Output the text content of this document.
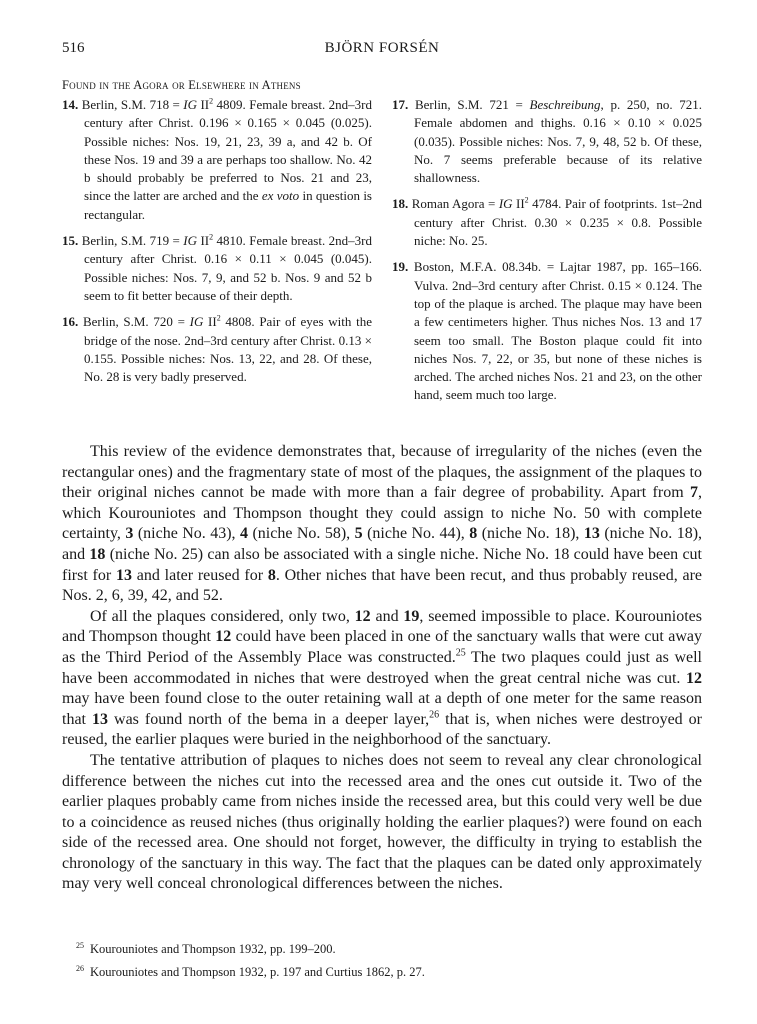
516	BJÖRN FORSÉN
Found in the Agora or Elsewhere in Athens

14. Berlin, S.M. 718 = IG $II^2$ 4809. Female breast. 2nd–3rd century after Christ. 0.196 × 0.165 × 0.045 (0.025). Possible niches: Nos. 19, 21, 23, 39 a, and 42 b. Of these Nos. 19 and 39 a are perhaps too shallow. No. 42 b should probably be preferred to Nos. 21 and 23, since the latter are arched and the ex voto in question is rectangular.

15. Berlin, S.M. 719 = IG $II^2$ 4810. Female breast. 2nd–3rd century after Christ. 0.16 × 0.11 × 0.045 (0.045). Possible niches: Nos. 7, 9, and 52 b. Nos. 9 and 52 b seem to fit better because of their depth.

16. Berlin, S.M. 720 = IG $II^2$ 4808. Pair of eyes with the bridge of the nose. 2nd–3rd century after Christ. 0.13 × 0.155. Possible niches: Nos. 13, 22, and 28. Of these, No. 28 is very badly preserved.

17. Berlin, S.M. 721 = Beschreibung, p. 250, no. 721. Female abdomen and thighs. 0.16 × 0.10 × 0.025 (0.035). Possible niches: Nos. 7, 9, 48, 52 b. Of these, No. 7 seems preferable because of its relative shallowness.

18. Roman Agora = IG $II^2$ 4784. Pair of footprints. 1st–2nd century after Christ. 0.30 × 0.235 × 0.8. Possible niche: No. 25.

19. Boston, M.F.A. 08.34b. = Lajtar 1987, pp. 165–166. Vulva. 2nd–3rd century after Christ. 0.15 × 0.124. The top of the plaque is arched. The plaque may have been a few centimeters higher. Thus niches Nos. 13 and 17 seem too small. The Boston plaque could fit into niches Nos. 7, 22, or 35, but none of these niches is arched. The arched niches Nos. 21 and 23, on the other hand, seem much too large.

This review of the evidence demonstrates that, because of irregularity of the niches (even the rectangular ones) and the fragmentary state of most of the plaques, the assignment of the plaques to their original niches cannot be made with more than a fair degree of probability. Apart from 7, which Kourouniotes and Thompson thought they could assign to niche No. 50 with complete certainty, 3 (niche No. 43), 4 (niche No. 58), 5 (niche No. 44), 8 (niche No. 18), 13 (niche No. 18), and 18 (niche No. 25) can also be associated with a single niche. Niche No. 18 could have been cut first for 13 and later reused for 8. Other niches that have been recut, and thus probably reused, are Nos. 2, 6, 39, 42, and 52.

Of all the plaques considered, only two, 12 and 19, seemed impossible to place. Kourouniotes and Thompson thought 12 could have been placed in one of the sanctuary walls that were cut away as the Third Period of the Assembly Place was constructed.$^{25}$ The two plaques could just as well have been accommodated in niches that were destroyed when the great central niche was cut. 12 may have been found close to the outer retaining wall at a depth of one meter for the same reason that 13 was found north of the bema in a deeper layer,$^{26}$ that is, when niches were destroyed or reused, the earlier plaques were buried in the neighborhood of the sanctuary.

The tentative attribution of plaques to niches does not seem to reveal any clear chronological difference between the niches cut into the recessed area and the ones cut outside it. Two of the earlier plaques probably came from niches inside the recessed area, but this could very well be due to a coincidence as reused niches (thus originally holding the earlier plaques?) were found on each side of the recessed area. One should not forget, however, the difficulty in trying to establish the chronology of the sanctuary in this way. The fact that the plaques can be dated only approximately may very well conceal chronological differences between the niches.

$^{25}$ Kourouniotes and Thompson 1932, pp. 199–200.
$^{26}$ Kourouniotes and Thompson 1932, p. 197 and Curtius 1862, p. 27.
